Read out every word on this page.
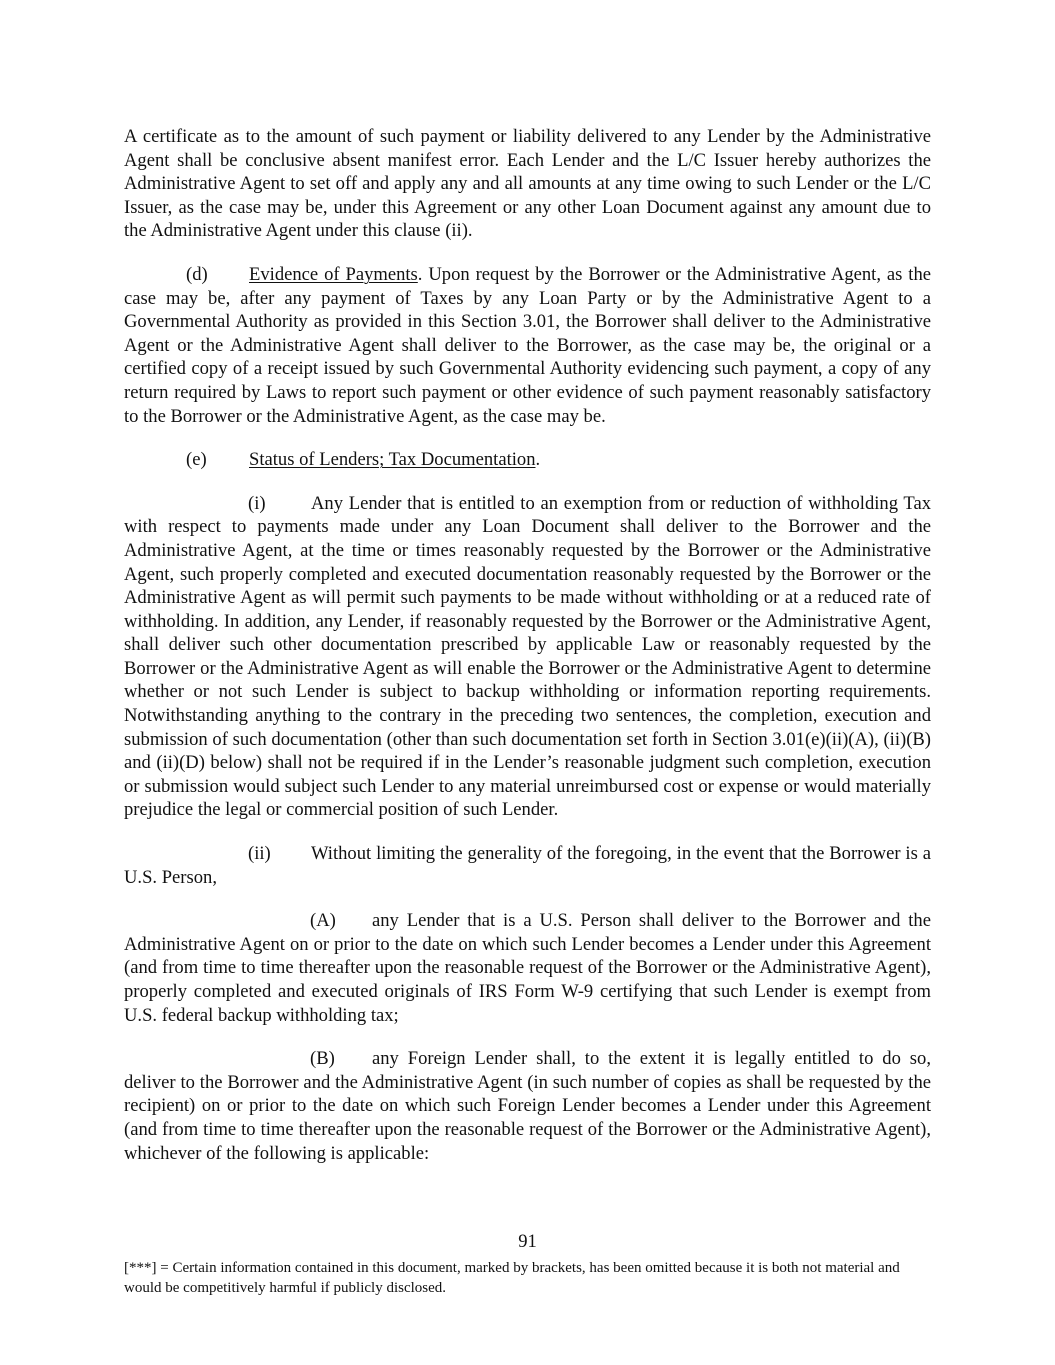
A certificate as to the amount of such payment or liability delivered to any Lender by the Administrative Agent shall be conclusive absent manifest error. Each Lender and the L/C Issuer hereby authorizes the Administrative Agent to set off and apply any and all amounts at any time owing to such Lender or the L/C Issuer, as the case may be, under this Agreement or any other Loan Document against any amount due to the Administrative Agent under this clause (ii).

(d) Evidence of Payments. Upon request by the Borrower or the Administrative Agent, as the case may be, after any payment of Taxes by any Loan Party or by the Administrative Agent to a Governmental Authority as provided in this Section 3.01, the Borrower shall deliver to the Administrative Agent or the Administrative Agent shall deliver to the Borrower, as the case may be, the original or a certified copy of a receipt issued by such Governmental Authority evidencing such payment, a copy of any return required by Laws to report such payment or other evidence of such payment reasonably satisfactory to the Borrower or the Administrative Agent, as the case may be.

(e) Status of Lenders; Tax Documentation.

(i) Any Lender that is entitled to an exemption from or reduction of withholding Tax with respect to payments made under any Loan Document shall deliver to the Borrower and the Administrative Agent, at the time or times reasonably requested by the Borrower or the Administrative Agent, such properly completed and executed documentation reasonably requested by the Borrower or the Administrative Agent as will permit such payments to be made without withholding or at a reduced rate of withholding. In addition, any Lender, if reasonably requested by the Borrower or the Administrative Agent, shall deliver such other documentation prescribed by applicable Law or reasonably requested by the Borrower or the Administrative Agent as will enable the Borrower or the Administrative Agent to determine whether or not such Lender is subject to backup withholding or information reporting requirements. Notwithstanding anything to the contrary in the preceding two sentences, the completion, execution and submission of such documentation (other than such documentation set forth in Section 3.01(e)(ii)(A), (ii)(B) and (ii)(D) below) shall not be required if in the Lender’s reasonable judgment such completion, execution or submission would subject such Lender to any material unreimbursed cost or expense or would materially prejudice the legal or commercial position of such Lender.

(ii) Without limiting the generality of the foregoing, in the event that the Borrower is a U.S. Person,

(A) any Lender that is a U.S. Person shall deliver to the Borrower and the Administrative Agent on or prior to the date on which such Lender becomes a Lender under this Agreement (and from time to time thereafter upon the reasonable request of the Borrower or the Administrative Agent), properly completed and executed originals of IRS Form W-9 certifying that such Lender is exempt from U.S. federal backup withholding tax;

(B) any Foreign Lender shall, to the extent it is legally entitled to do so, deliver to the Borrower and the Administrative Agent (in such number of copies as shall be requested by the recipient) on or prior to the date on which such Foreign Lender becomes a Lender under this Agreement (and from time to time thereafter upon the reasonable request of the Borrower or the Administrative Agent), whichever of the following is applicable:

91
[***] = Certain information contained in this document, marked by brackets, has been omitted because it is both not material and would be competitively harmful if publicly disclosed.
